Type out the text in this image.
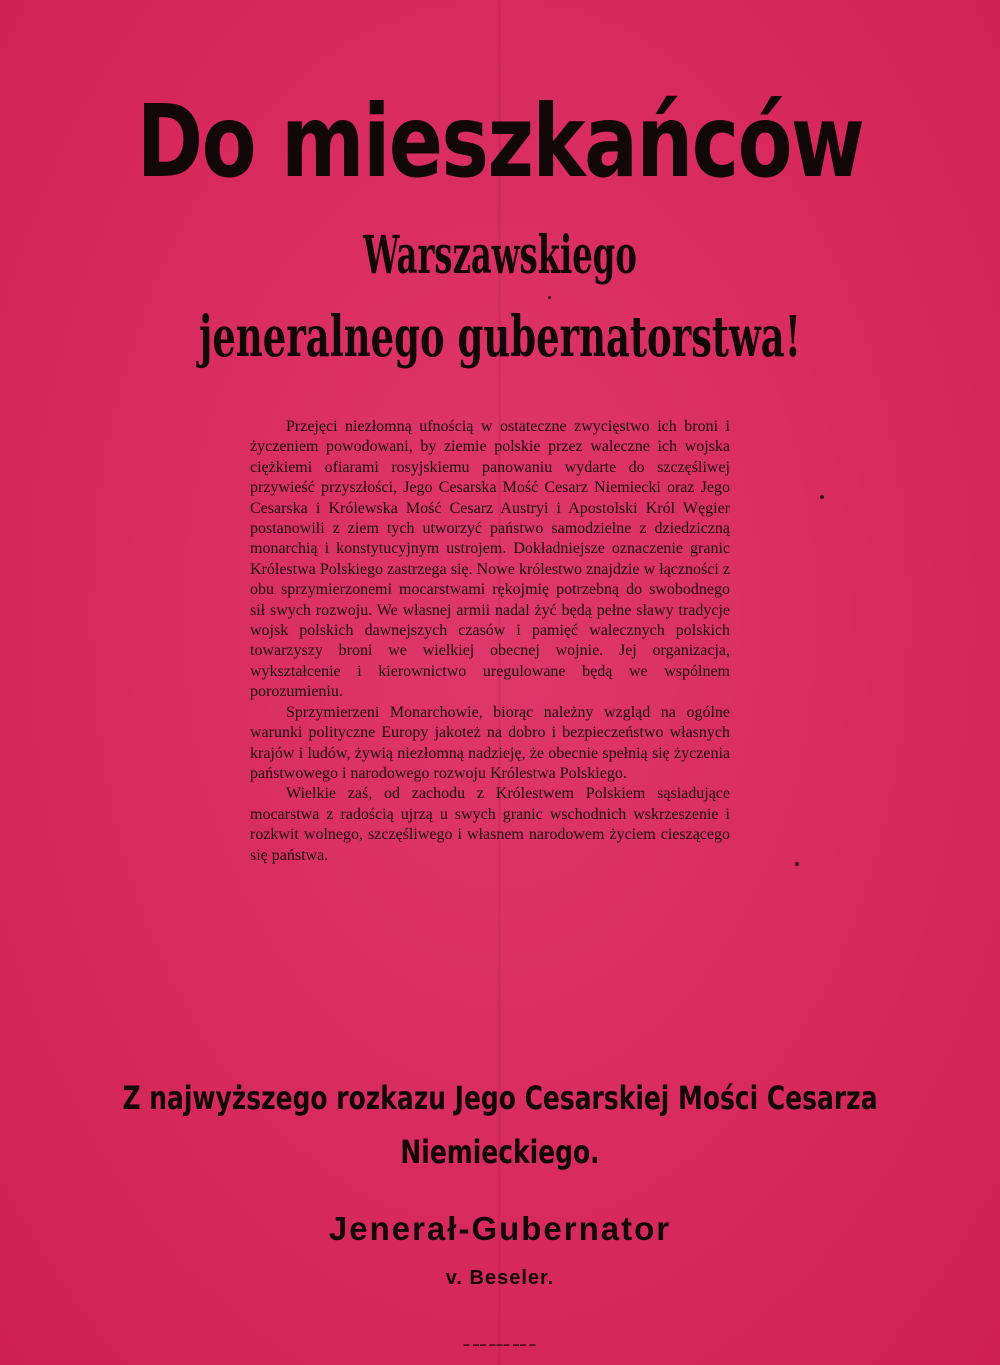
Do mieszkańców
Warszawskiego
jeneralnego gubernatorstwa!

Przejęci niezłomną ufnością w ostateczne zwycięstwo ich broni i życzeniem powodowani, by ziemie polskie przez waleczne ich wojska ciężkiemi ofiarami rosyjskiemu panowaniu wydarte do szczęśliwej przywieść przyszłości, Jego Cesarska Mość Cesarz Niemiecki oraz Jego Cesarska i Królewska Mość Cesarz Austryi i Apostolski Król Węgier postanowili z ziem tych utworzyć państwo samodzielne z dziedziczną monarchią i konstytucyjnym ustrojem. Dokładniejsze oznaczenie granic Królestwa Polskiego zastrzega się. Nowe królestwo znajdzie w łączności z obu sprzymierzonemi mocarstwami rękojmię potrzebną do swobodnego sił swych rozwoju. We własnej armii nadal żyć będą pełne sławy tradycje wojsk polskich dawnejszych czasów i pamięć walecznych polskich towarzyszy broni we wielkiej obecnej wojnie. Jej organizacja, wykształcenie i kierownictwo uregulowane będą we wspólnem porozumieniu.

Sprzymierzeni Monarchowie, biorąc należny wzgląd na ogólne warunki polityczne Europy jakoteż na dobro i bezpieczeństwo własnych krajów i ludów, żywią niezłomną nadzieję, że obecnie spełnią się życzenia państwowego i narodowego rozwoju Królestwa Polskiego.

Wielkie zaś, od zachodu z Królestwem Polskiem sąsiadujące mocarstwa z radością ujrzą u swych granic wschodnich wskrzeszenie i rozkwit wolnego, szczęśliwego i własnem narodowem życiem cieszącego się państwa.

Z najwyższego rozkazu Jego Cesarskiej Mości Cesarza
Niemieckiego.
Jenerał-Gubernator
v. Beseler.
▬ ▬▬ ▬▬▬ ▬▬ ▬
